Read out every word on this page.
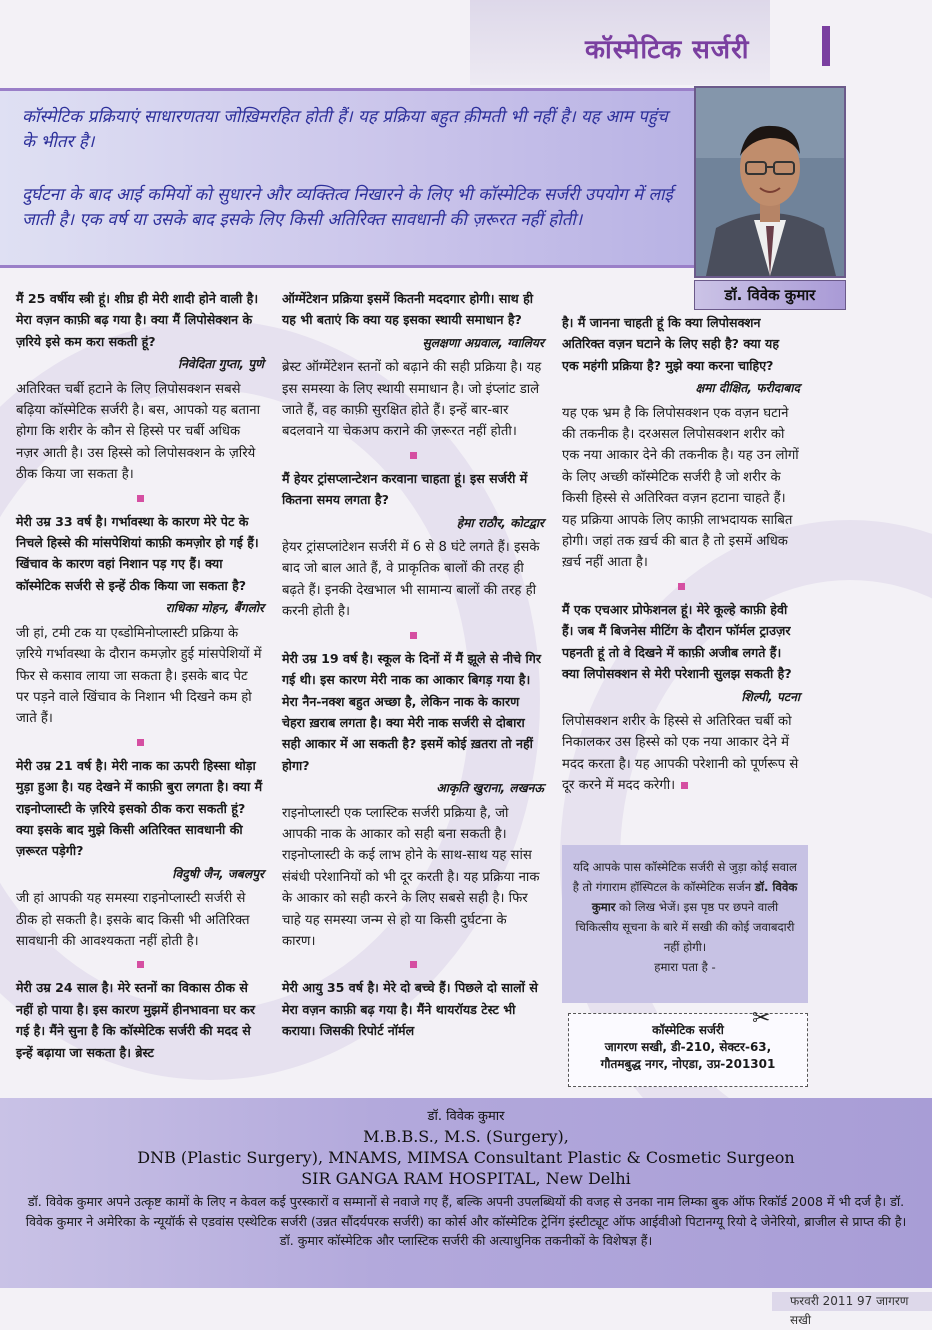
कॉस्मेटिक सर्जरी

कॉस्मेटिक प्रक्रियाएं साधारणतया जोख़िमरहित होती हैं। यह प्रक्रिया बहुत क़ीमती भी नहीं है। यह आम पहुंच के भीतर है।

दुर्घटना के बाद आई कमियों को सुधारने और व्यक्तित्व निखारने के लिए भी कॉस्मेटिक सर्जरी उपयोग में लाई जाती है। एक वर्ष या उसके बाद इसके लिए किसी अतिरिक्त सावधानी की ज़रूरत नहीं होती।

डॉ. विवेक कुमार

मैं 25 वर्षीय स्त्री हूं। शीघ्र ही मेरी शादी होने वाली है। मेरा वज़न काफ़ी बढ़ गया है। क्या मैं लिपोसेक्शन के ज़रिये इसे कम करा सकती हूं?

निवेदिता गुप्ता, पुणे

अतिरिक्त चर्बी हटाने के लिए लिपोसक्शन सबसे बढ़िया कॉस्मेटिक सर्जरी है। बस, आपको यह बताना होगा कि शरीर के कौन से हिस्से पर चर्बी अधिक नज़र आती है। उस हिस्से को लिपोसक्शन के ज़रिये ठीक किया जा सकता है।

मेरी उम्र 33 वर्ष है। गर्भावस्था के कारण मेरे पेट के निचले हिस्से की मांसपेशियां काफ़ी कमज़ोर हो गई हैं। खिंचाव के कारण वहां निशान पड़ गए हैं। क्या कॉस्मेटिक सर्जरी से इन्हें ठीक किया जा सकता है?

राधिका मोहन, बैंगलोर

जी हां, टमी टक या एब्डोमिनोप्लास्टी प्रक्रिया के ज़रिये गर्भावस्था के दौरान कमज़ोर हुई मांसपेशियों में फिर से कसाव लाया जा सकता है। इसके बाद पेट पर पड़ने वाले खिंचाव के निशान भी दिखने कम हो जाते हैं।

मेरी उम्र 21 वर्ष है। मेरी नाक का ऊपरी हिस्सा थोड़ा मुड़ा हुआ है। यह देखने में काफ़ी बुरा लगता है। क्या मैं राइनोप्लास्टी के ज़रिये इसको ठीक करा सकती हूं? क्या इसके बाद मुझे किसी अतिरिक्त सावधानी की ज़रूरत पड़ेगी?

विदुषी जैन, जबलपुर

जी हां आपकी यह समस्या राइनोप्लास्टी सर्जरी से ठीक हो सकती है। इसके बाद किसी भी अतिरिक्त सावधानी की आवश्यकता नहीं होती है।

मेरी उम्र 24 साल है। मेरे स्तनों का विकास ठीक से नहीं हो पाया है। इस कारण मुझमें हीनभावना घर कर गई है। मैंने सुना है कि कॉस्मेटिक सर्जरी की मदद से इन्हें बढ़ाया जा सकता है। ब्रेस्ट

ऑग्मेंटेशन प्रक्रिया इसमें कितनी मददगार होगी। साथ ही यह भी बताएं कि क्या यह इसका स्थायी समाधान है?

सुलक्षणा अग्रवाल, ग्वालियर

ब्रेस्ट ऑग्मेंटेशन स्तनों को बढ़ाने की सही प्रक्रिया है। यह इस समस्या के लिए स्थायी समाधान है। जो इंप्लांट डाले जाते हैं, वह काफ़ी सुरक्षित होते हैं। इन्हें बार-बार बदलवाने या चेकअप कराने की ज़रूरत नहीं होती।

मैं हेयर ट्रांसप्लान्टेशन करवाना चाहता हूं। इस सर्जरी में कितना समय लगता है?

हेमा राठौर, कोटद्वार

हेयर ट्रांसप्लांटेशन सर्जरी में 6 से 8 घंटे लगते हैं। इसके बाद जो बाल आते हैं, वे प्राकृतिक बालों की तरह ही बढ़ते हैं। इनकी देखभाल भी सामान्य बालों की तरह ही करनी होती है।

मेरी उम्र 19 वर्ष है। स्कूल के दिनों में मैं झूले से नीचे गिर गई थी। इस कारण मेरी नाक का आकार बिगड़ गया है। मेरा नैन-नक्श बहुत अच्छा है, लेकिन नाक के कारण चेहरा ख़राब लगता है। क्या मेरी नाक सर्जरी से दोबारा सही आकार में आ सकती है? इसमें कोई ख़तरा तो नहीं होगा?

आकृति खुराना, लखनऊ

राइनोप्लास्टी एक प्लास्टिक सर्जरी प्रक्रिया है, जो आपकी नाक के आकार को सही बना सकती है। राइनोप्लास्टी के कई लाभ होने के साथ-साथ यह सांस संबंधी परेशानियों को भी दूर करती है। यह प्रक्रिया नाक के आकार को सही करने के लिए सबसे सही है। फिर चाहे यह समस्या जन्म से हो या किसी दुर्घटना के कारण।

मेरी आयु 35 वर्ष है। मेरे दो बच्चे हैं। पिछले दो सालों से मेरा वज़न काफ़ी बढ़ गया है। मैंने थायरॉयड टेस्ट भी कराया। जिसकी रिपोर्ट नॉर्मल

है। मैं जानना चाहती हूं कि क्या लिपोसक्शन अतिरिक्त वज़न घटाने के लिए सही है? क्या यह एक महंगी प्रक्रिया है? मुझे क्या करना चाहिए?

क्षमा दीक्षित, फरीदाबाद

यह एक भ्रम है कि लिपोसक्शन एक वज़न घटाने की तकनीक है। दरअसल लिपोसक्शन शरीर को एक नया आकार देने की तकनीक है। यह उन लोगों के लिए अच्छी कॉस्मेटिक सर्जरी है जो शरीर के किसी हिस्से से अतिरिक्त वज़न हटाना चाहते हैं। यह प्रक्रिया आपके लिए काफ़ी लाभदायक साबित होगी। जहां तक ख़र्च की बात है तो इसमें अधिक ख़र्च नहीं आता है।

मैं एक एचआर प्रोफेशनल हूं। मेरे कूल्हे काफ़ी हेवी हैं। जब मैं बिजनेस मीटिंग के दौरान फॉर्मल ट्राउज़र पहनती हूं तो वे दिखने में काफ़ी अजीब लगते हैं। क्या लिपोसक्शन से मेरी परेशानी सुलझ सकती है?

शिल्पी, पटना

लिपोसक्शन शरीर के हिस्से से अतिरिक्त चर्बी को निकालकर उस हिस्से को एक नया आकार देने में मदद करता है। यह आपकी परेशानी को पूर्णरूप से दूर करने में मदद करेगी।

यदि आपके पास कॉस्मेटिक सर्जरी से जुड़ा कोई सवाल है तो गंगाराम हॉस्पिटल के कॉस्मेटिक सर्जन डॉ. विवेक कुमार को लिख भेजें। इस पृष्ठ पर छपने वाली चिकित्सीय सूचना के बारे में सखी की कोई जवाबदारी नहीं होगी।
हमारा पता है -
कॉस्मेटिक सर्जरी
जागरण सखी, डी-210, सेक्टर-63,
गौतमबुद्ध नगर, नोएडा, उप्र-201301
✂
डॉ. विवेक कुमार
M.B.B.S., M.S. (Surgery),
DNB (Plastic Surgery), MNAMS, MIMSA Consultant Plastic & Cosmetic Surgeon
SIR GANGA RAM HOSPITAL, New Delhi

डॉ. विवेक कुमार अपने उत्कृष्ट कामों के लिए न केवल कई पुरस्कारों व सम्मानों से नवाजे गए हैं, बल्कि अपनी उपलब्धियों की वजह से उनका नाम लिम्का बुक ऑफ रिकॉर्ड 2008 में भी दर्ज है। डॉ. विवेक कुमार ने अमेरिका के न्यूयॉर्क से एडवांस एस्थेटिक सर्जरी (उन्नत सौंदर्यपरक सर्जरी) का कोर्स और कॉस्मेटिक ट्रेनिंग इंस्टीट्यूट ऑफ आईवीओ पिटानग्यू रियो दे जेनेरियो, ब्राजील से प्राप्त की है। डॉ. कुमार कॉस्मेटिक और प्लास्टिक सर्जरी की अत्याधुनिक तकनीकों के विशेषज्ञ हैं।

फरवरी 2011 97 जागरण सखी
